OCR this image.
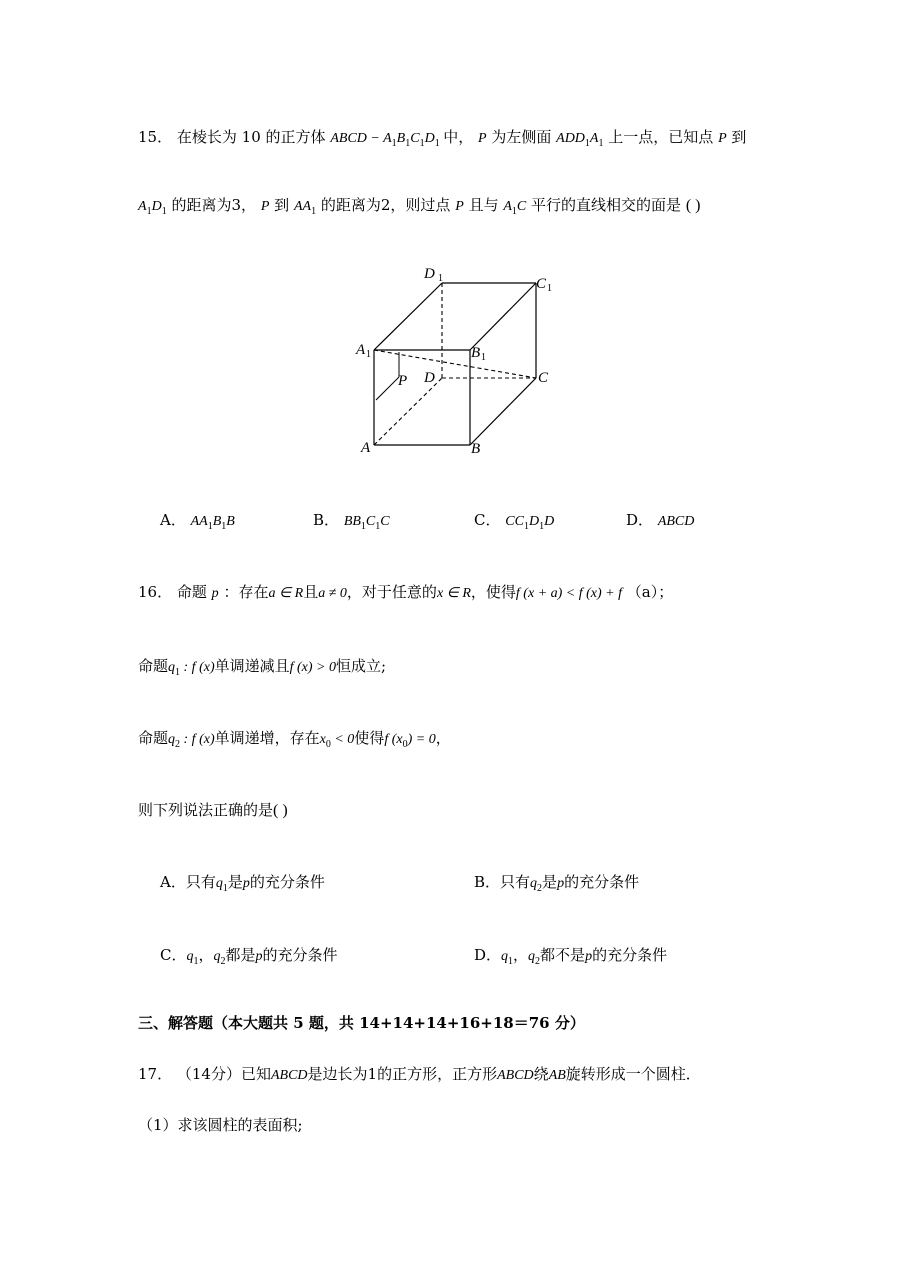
15． 在棱长为 10 的正方体 ABCD − $A_1B_1C_1D_1$ 中， P 为左侧面 $ADD_1A_1$ 上一点，已知点 P 到
$A_1D_1$ 的距离为3， P 到 $AA_1$ 的距离为2，则过点 P 且与 $A_1C$ 平行的直线相交的面是 ( )
D 1	C 1
A 1	B 1
D	C
P
A	B
A． $AA_1B_1B$	B． $BB_1C_1C$	C． $CC_1D_1D$	D． ABCD
16． 命题 p ：存在a ∈ R且a ≠ 0，对于任意的x ∈ R，使得f (x + a) < f (x) + f （a）；
命题$q_1$ : f (x)单调递减且f (x) > 0恒成立;
命题$q_2$ : f (x)单调递增，存在$x_0 < 0$使得f $(x_0) = 0$，
则下列说法正确的是( )
A．只有$q_1$是p的充分条件	B．只有$q_2$是p的充分条件
C．$q_1$，$q_2$都是p的充分条件	D．$q_1$，$q_2$都不是p的充分条件
三、解答题（本大题共 5 题，共 14+14+14+16+18＝76 分）
17． （14分）已知ABCD是边长为1的正方形，正方形ABCD绕AB旋转形成一个圆柱．
（1）求该圆柱的表面积;
